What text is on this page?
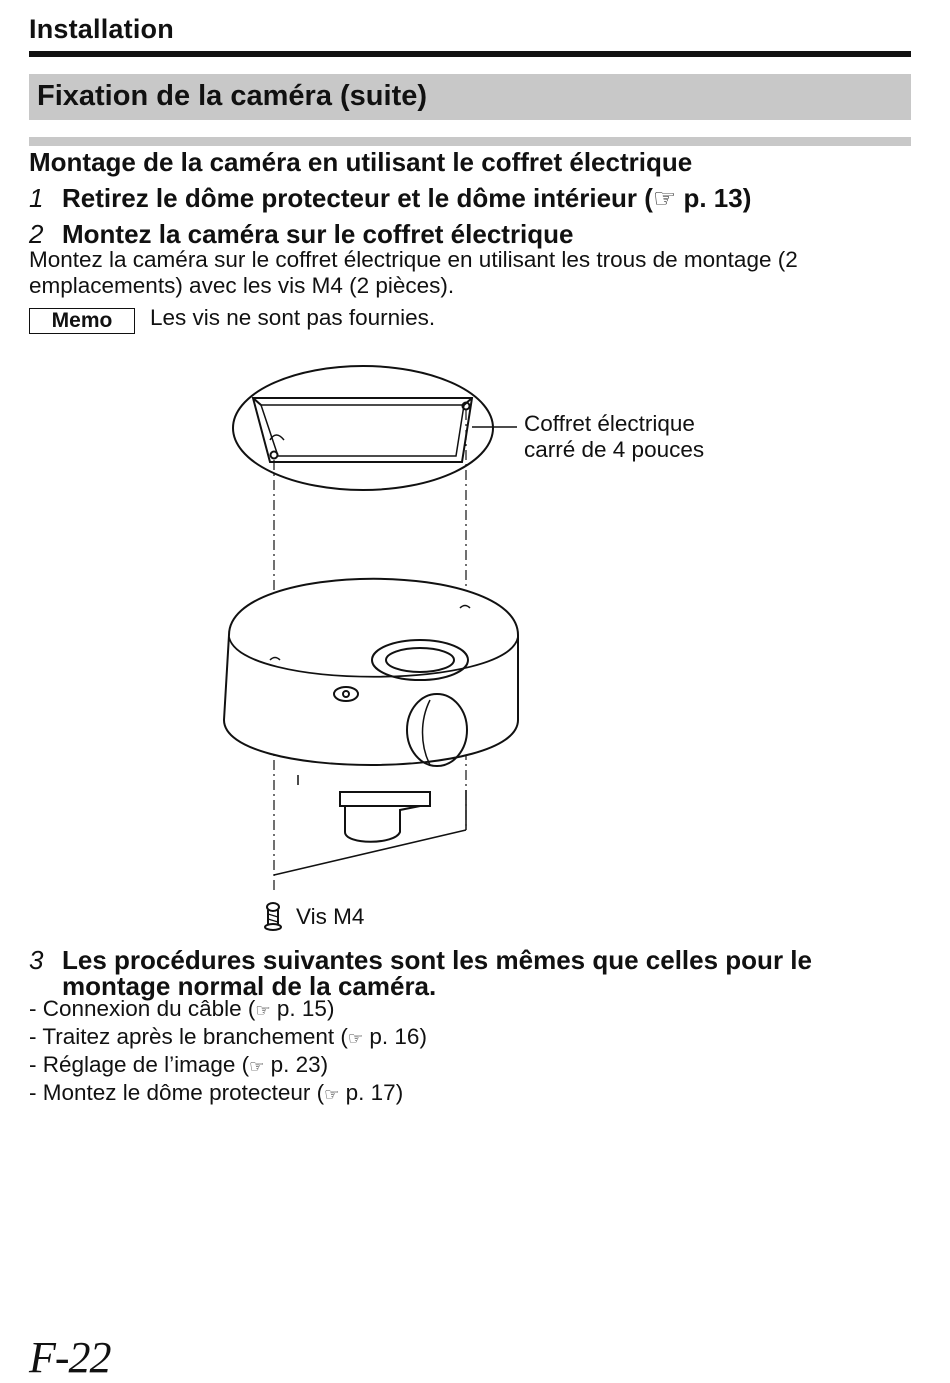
Installation
Fixation de la caméra (suite)
Montage de la caméra en utilisant le coffret électrique
1 Retirez le dôme protecteur et le dôme intérieur (☞ p. 13)
2 Montez la caméra sur le coffret électrique
Montez la caméra sur le coffret électrique en utilisant les trous de montage (2 emplacements) avec les vis M4 (2 pièces).
Memo	Les vis ne sont pas fournies.
Coffret électrique
carré de 4 pouces
Vis M4
3 Les procédures suivantes sont les mêmes que celles pour le montage normal de la caméra.
- Connexion du câble (☞ p. 15)
- Traitez après le branchement (☞ p. 16)
- Réglage de l’image (☞ p. 23)
- Montez le dôme protecteur (☞ p. 17)
F-22
